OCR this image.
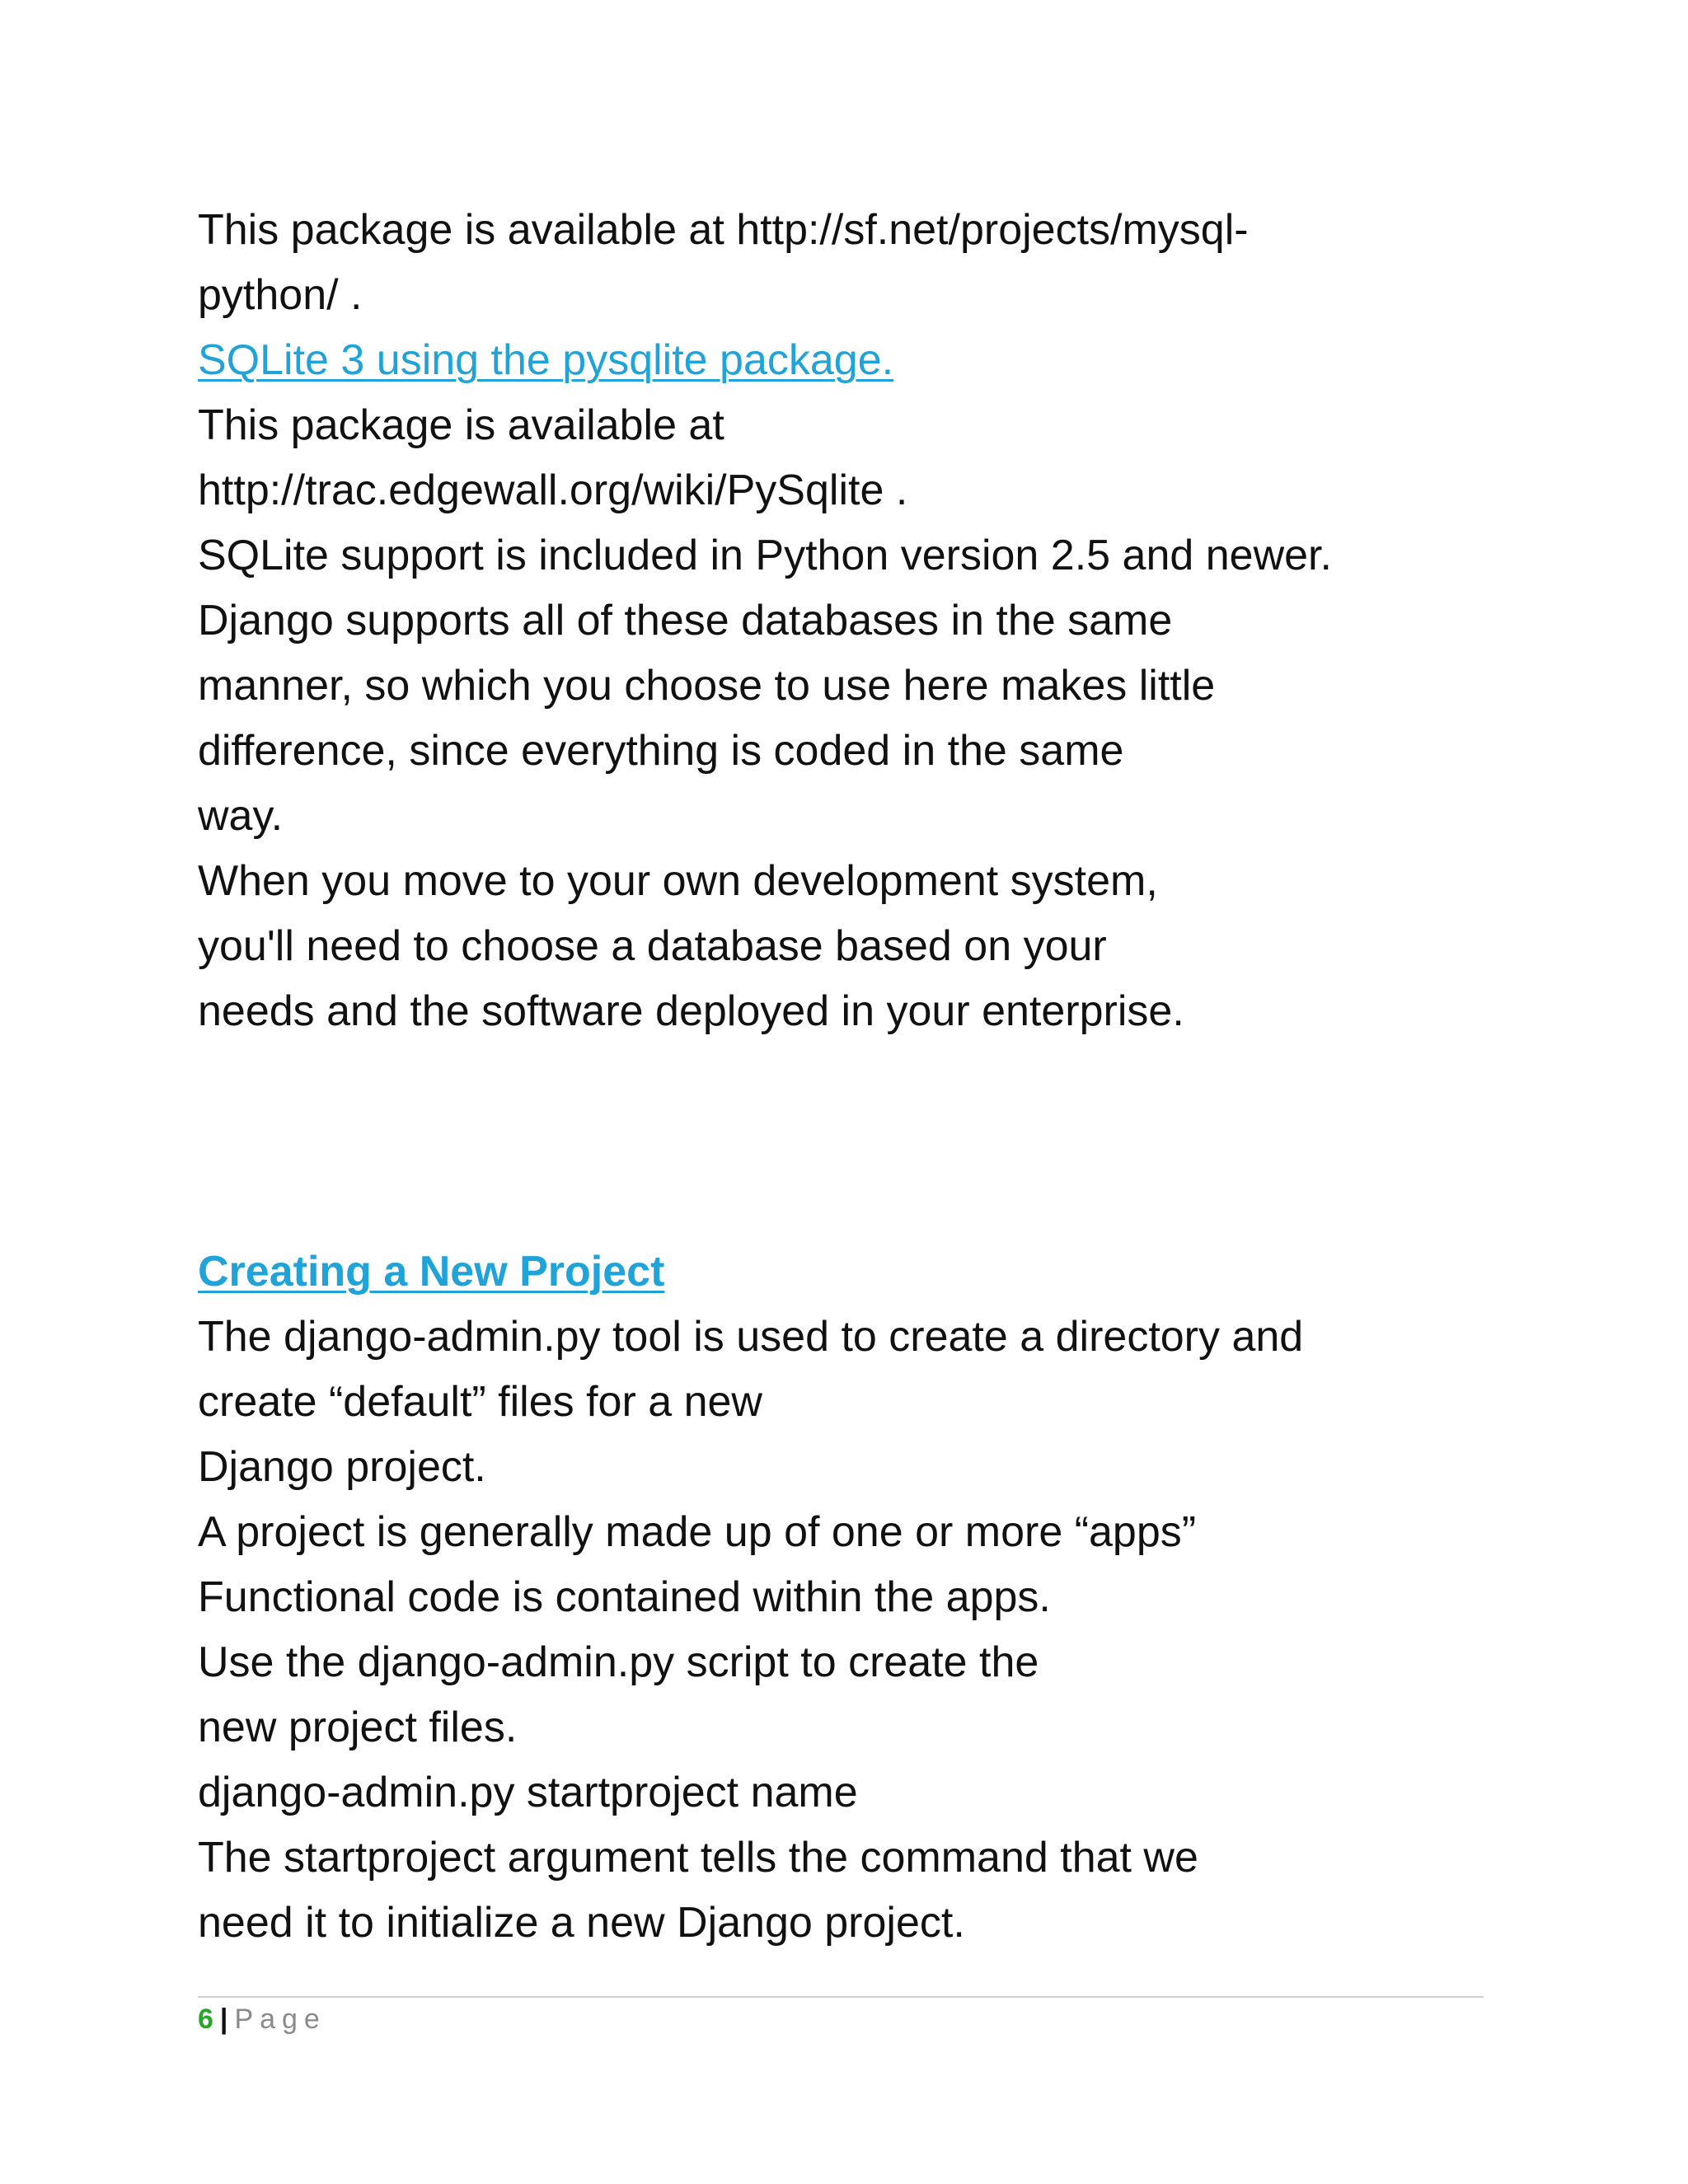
This package is available at http://sf.net/projects/mysql-
python/ .
SQLite 3 using the pysqlite package.
This package is available at
http://trac.edgewall.org/wiki/PySqlite .
SQLite support is included in Python version 2.5 and newer.
Django supports all of these databases in the same
manner, so which you choose to use here makes little
difference, since everything is coded in the same
way.
When you move to your own development system,
you'll need to choose a database based on your
needs and the software deployed in your enterprise.
Creating a New Project
The django-admin.py tool is used to create a directory and
create “default” files for a new
Django project.
A project is generally made up of one or more “apps”
Functional code is contained within the apps.
Use the django-admin.py script to create the
new project files.
django-admin.py startproject name
The startproject argument tells the command that we
need it to initialize a new Django project.
6 | Page
